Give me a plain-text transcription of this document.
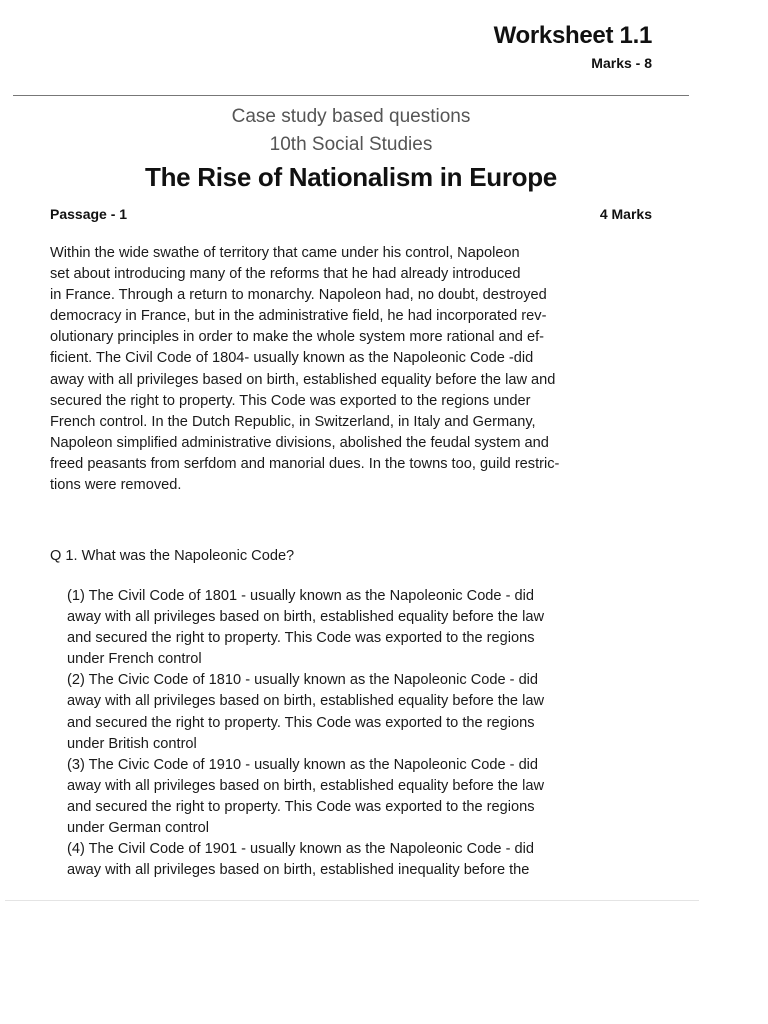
Worksheet 1.1
Marks - 8
Case study based questions
10th Social Studies
The Rise of Nationalism in Europe
Passage - 1	4 Marks
Within the wide swathe of territory that came under his control, Napoleon
set about introducing many of the reforms that he had already introduced
in France. Through a return to monarchy. Napoleon had, no doubt, destroyed
democracy in France, but in the administrative field, he had incorporated rev-
olutionary principles in order to make the whole system more rational and ef-
ficient. The Civil Code of 1804- usually known as the Napoleonic Code -did
away with all privileges based on birth, established equality before the law and
secured the right to property. This Code was exported to the regions under
French control. In the Dutch Republic, in Switzerland, in Italy and Germany,
Napoleon simplified administrative divisions, abolished the feudal system and
freed peasants from serfdom and manorial dues. In the towns too, guild restric-
tions were removed.
Q 1. What was the Napoleonic Code?
(1) The Civil Code of 1801 - usually known as the Napoleonic Code - did
away with all privileges based on birth, established equality before the law
and secured the right to property. This Code was exported to the regions
under French control
(2) The Civic Code of 1810 - usually known as the Napoleonic Code - did
away with all privileges based on birth, established equality before the law
and secured the right to property. This Code was exported to the regions
under British control
(3) The Civic Code of 1910 - usually known as the Napoleonic Code - did
away with all privileges based on birth, established equality before the law
and secured the right to property. This Code was exported to the regions
under German control
(4) The Civil Code of 1901 - usually known as the Napoleonic Code - did
away with all privileges based on birth, established inequality before the
